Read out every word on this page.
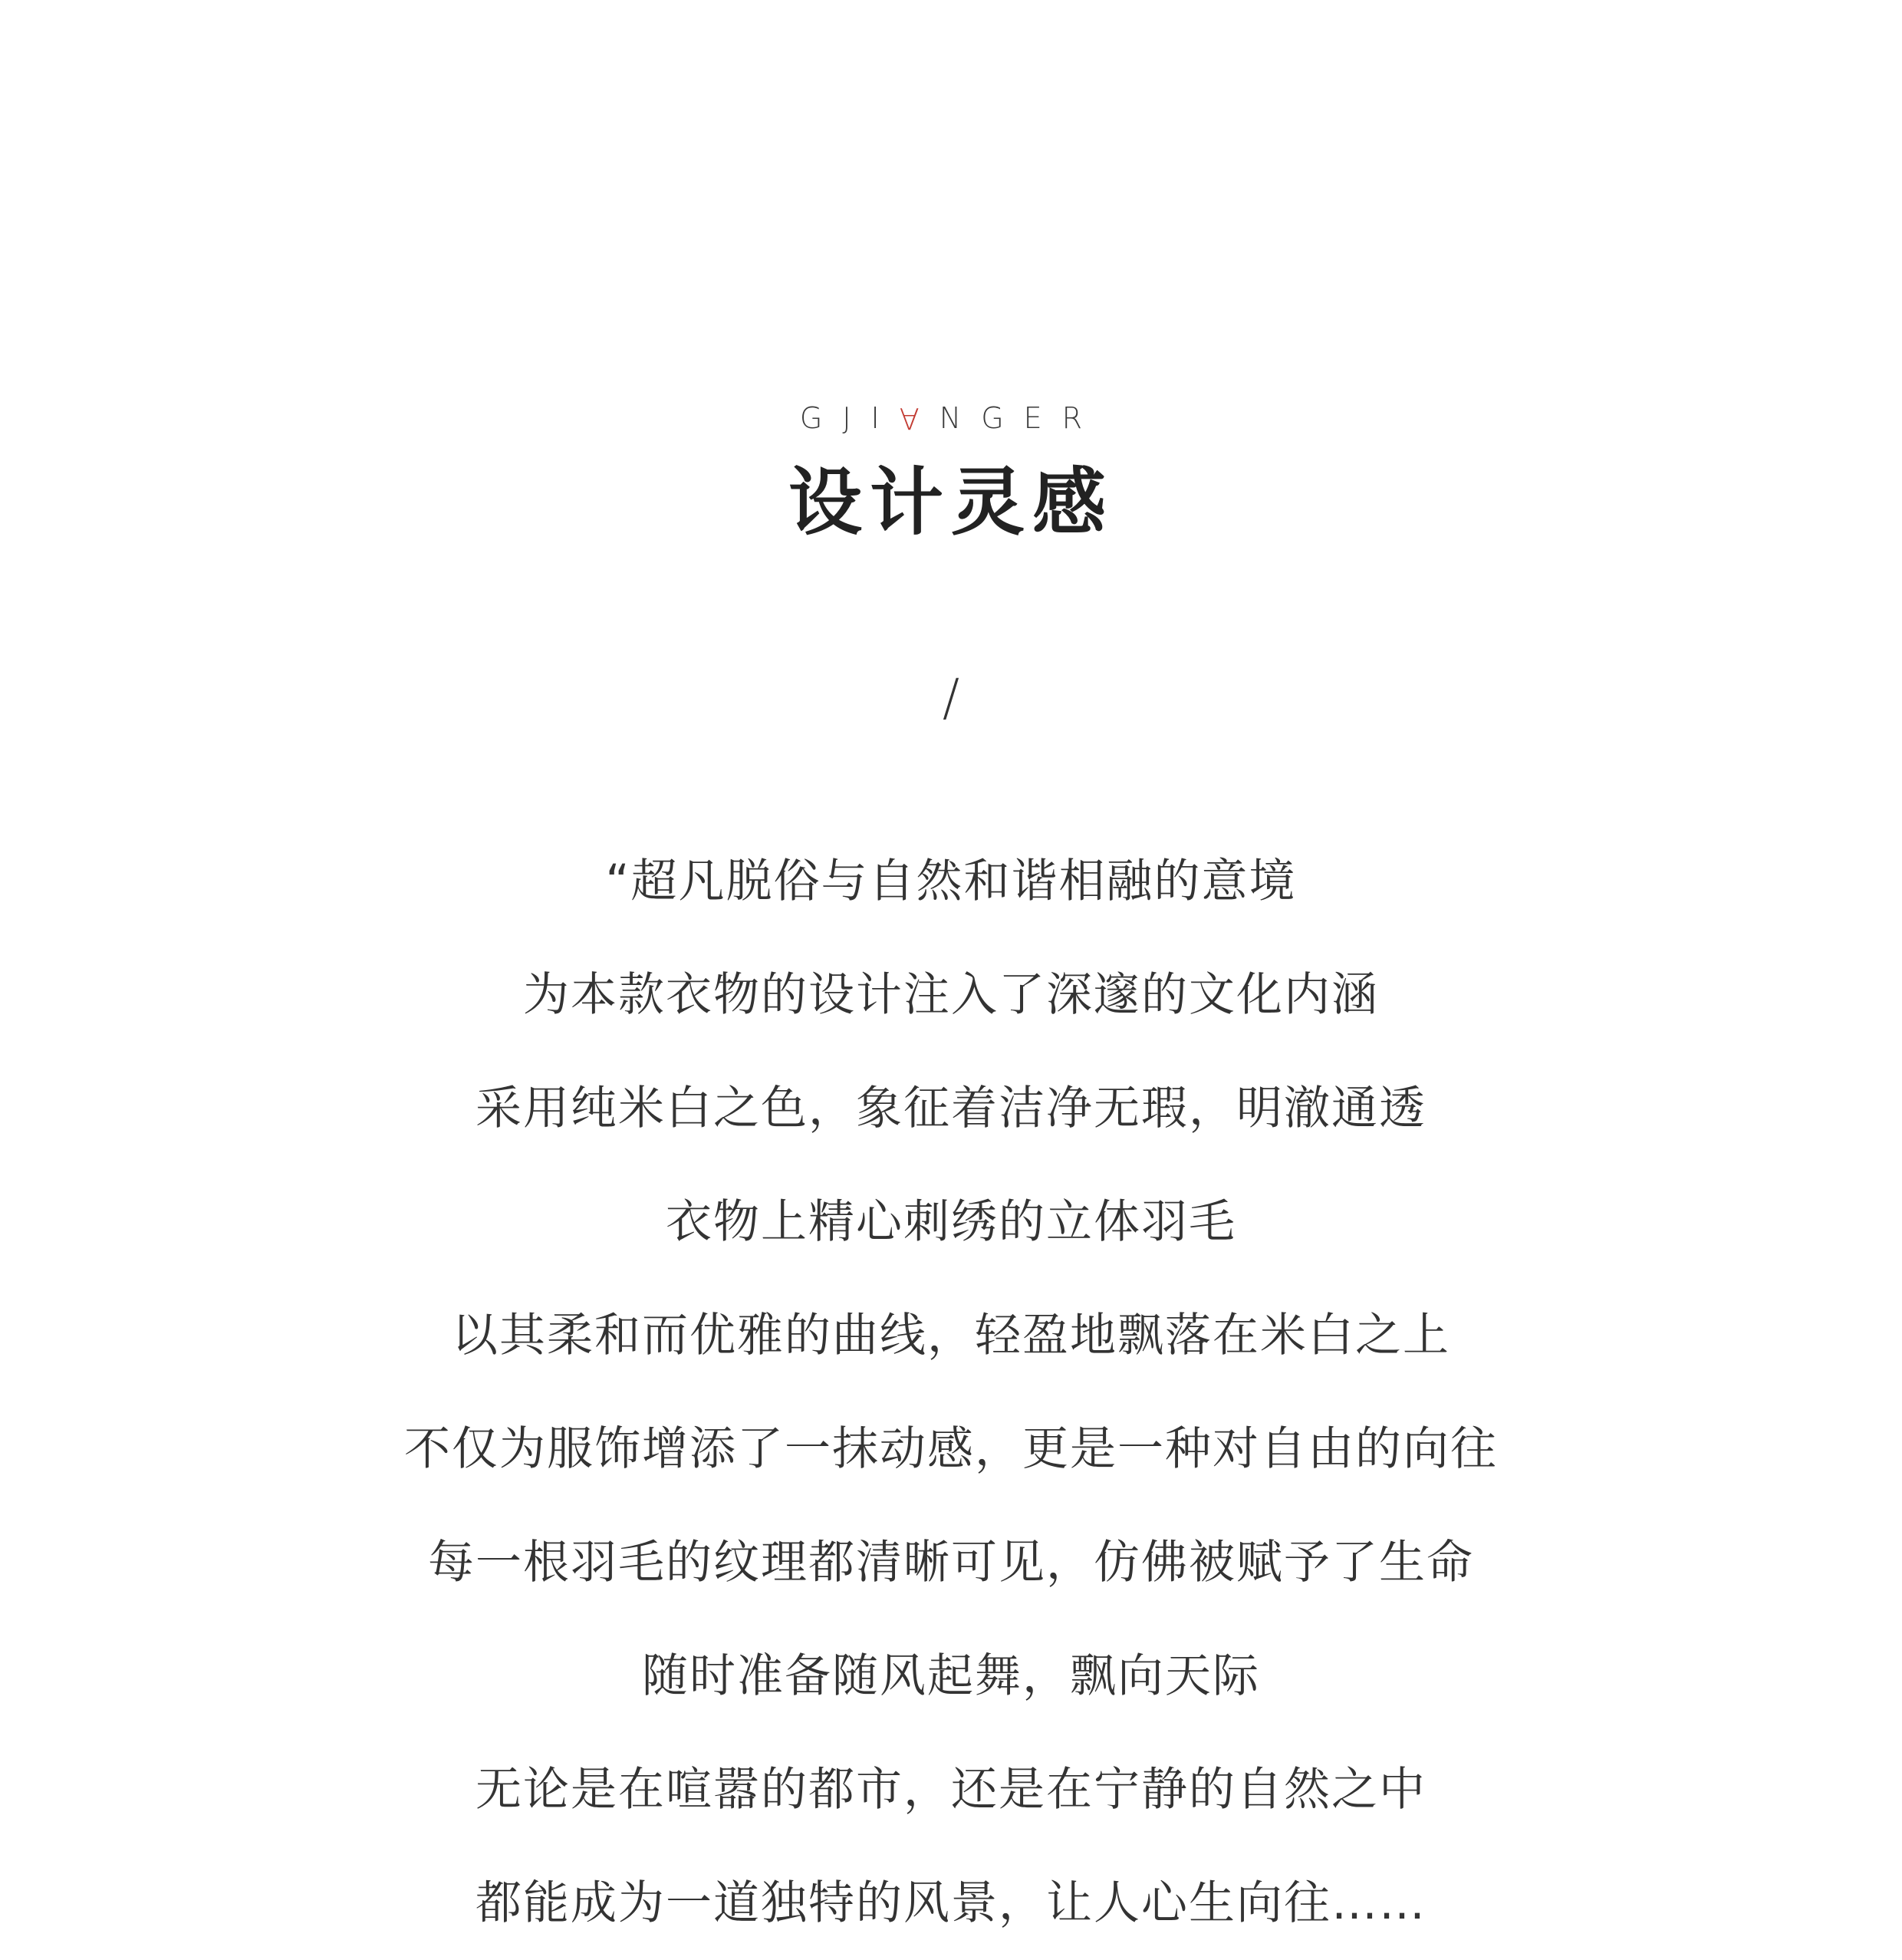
GJIANGER
设计灵感
/
“超凡脱俗与自然和谐相融的意境
为本款衣物的设计注入了深邃的文化内涵
采用纯米白之色，象征着洁净无瑕，明澈通透
衣物上精心刺绣的立体羽毛
以其柔和而优雅的曲线，轻盈地飘落在米白之上
不仅为服饰增添了一抹动感，更是一种对自由的向往
每一根羽毛的纹理都清晰可见，仿佛被赋予了生命
随时准备随风起舞，飘向天际
无论是在喧嚣的都市，还是在宁静的自然之中
都能成为一道独特的风景，让人心生向往……
